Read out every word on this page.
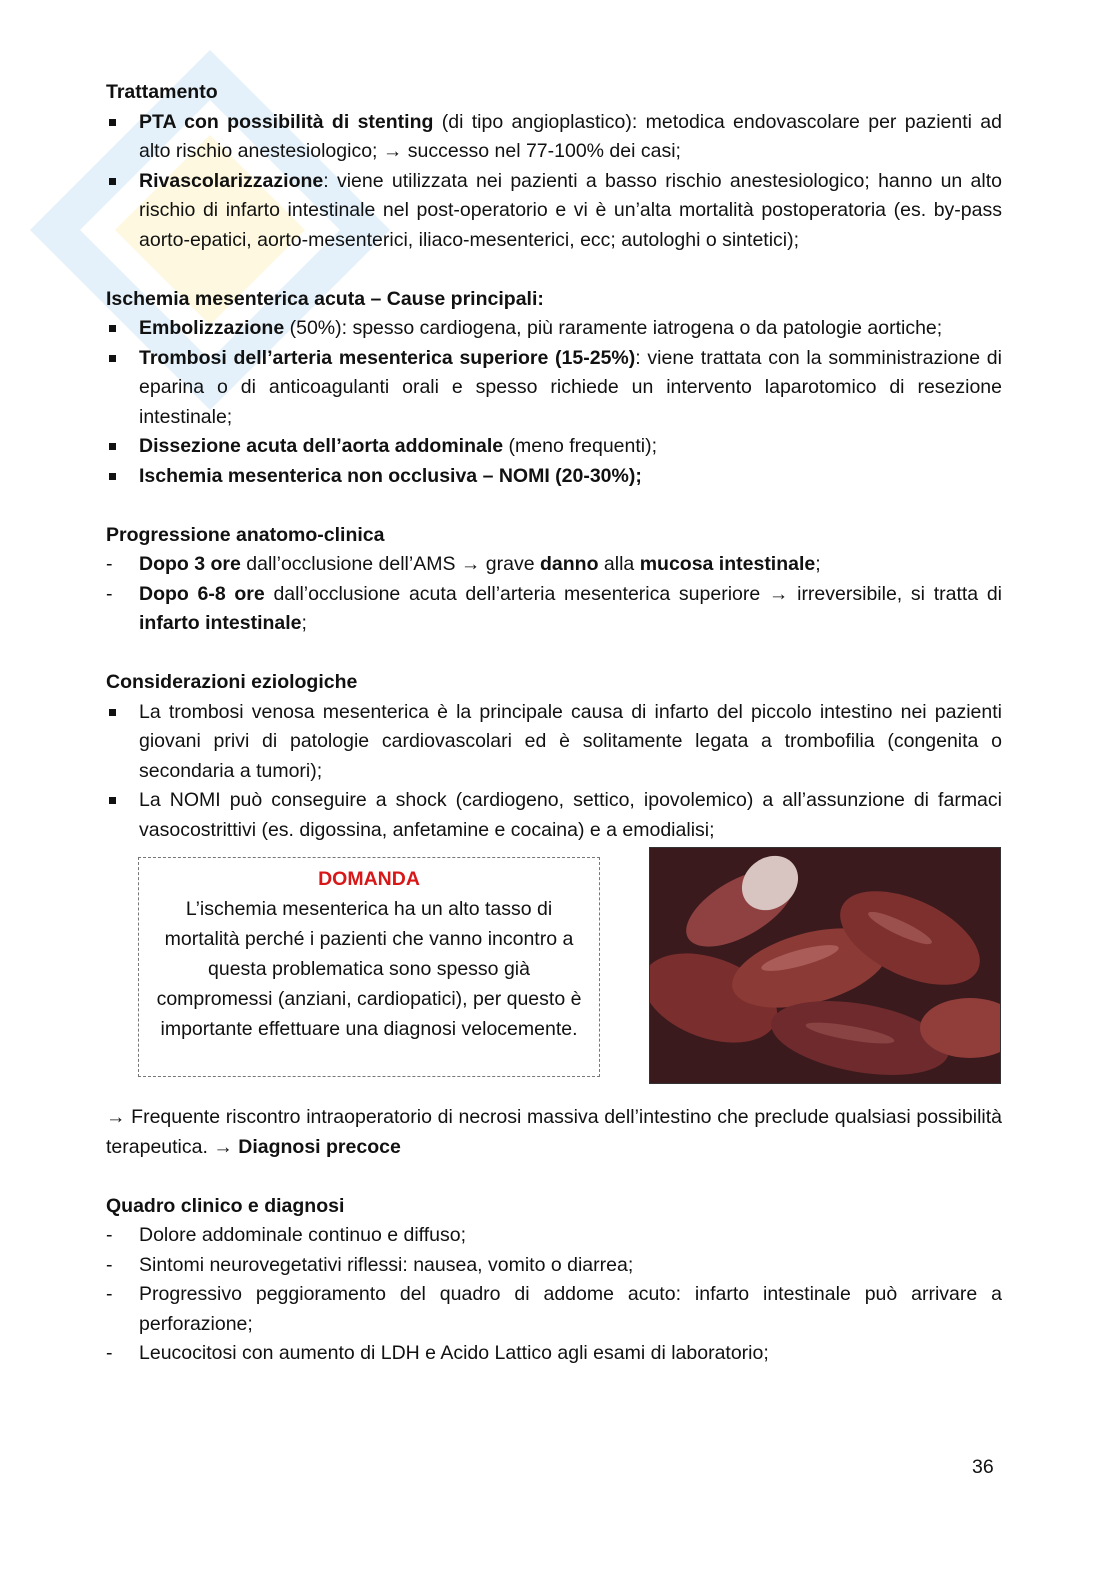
Trattamento

PTA con possibilità di stenting (di tipo angioplastico): metodica endovascolare per pazienti ad alto rischio anestesiologico; → successo nel 77-100% dei casi;
Rivascolarizzazione: viene utilizzata nei pazienti a basso rischio anestesiologico; hanno un alto rischio di infarto intestinale nel post-operatorio e vi è un’alta mortalità postoperatoria (es. by-pass aorto-epatici, aorto-mesenterici, iliaco-mesenterici, ecc; autologhi o sintetici);

Ischemia mesenterica acuta – Cause principali:

Embolizzazione (50%): spesso cardiogena, più raramente iatrogena o da patologie aortiche;
Trombosi dell’arteria mesenterica superiore (15-25%): viene trattata con la somministrazione di eparina o di anticoagulanti orali e spesso richiede un intervento laparotomico di resezione intestinale;
Dissezione acuta dell’aorta addominale (meno frequenti);
Ischemia mesenterica non occlusiva – NOMI (20-30%);

Progressione anatomo-clinica

- Dopo 3 ore dall’occlusione dell’AMS → grave danno alla mucosa intestinale;
- Dopo 6-8 ore dall’occlusione acuta dell’arteria mesenterica superiore → irreversibile, si tratta di infarto intestinale;

Considerazioni eziologiche

La trombosi venosa mesenterica è la principale causa di infarto del piccolo intestino nei pazienti giovani privi di patologie cardiovascolari ed è solitamente legata a trombofilia (congenita o secondaria a tumori);
La NOMI può conseguire a shock (cardiogeno, settico, ipovolemico) a all’assunzione di farmaci vasocostrittivi (es. digossina, anfetamine e cocaina) e a emodialisi;
DOMANDA
L’ischemia mesenterica ha un alto tasso di mortalità perché i pazienti che vanno incontro a questa problematica sono spesso già compromessi (anziani, cardiopatici), per questo è importante effettuare una diagnosi velocemente.

→ Frequente riscontro intraoperatorio di necrosi massiva dell’intestino che preclude qualsiasi possibilità terapeutica. → Diagnosi precoce

Quadro clinico e diagnosi

- Dolore addominale continuo e diffuso;
- Sintomi neurovegetativi riflessi: nausea, vomito o diarrea;
- Progressivo peggioramento del quadro di addome acuto: infarto intestinale può arrivare a perforazione;
- Leucocitosi con aumento di LDH e Acido Lattico agli esami di laboratorio;
36
